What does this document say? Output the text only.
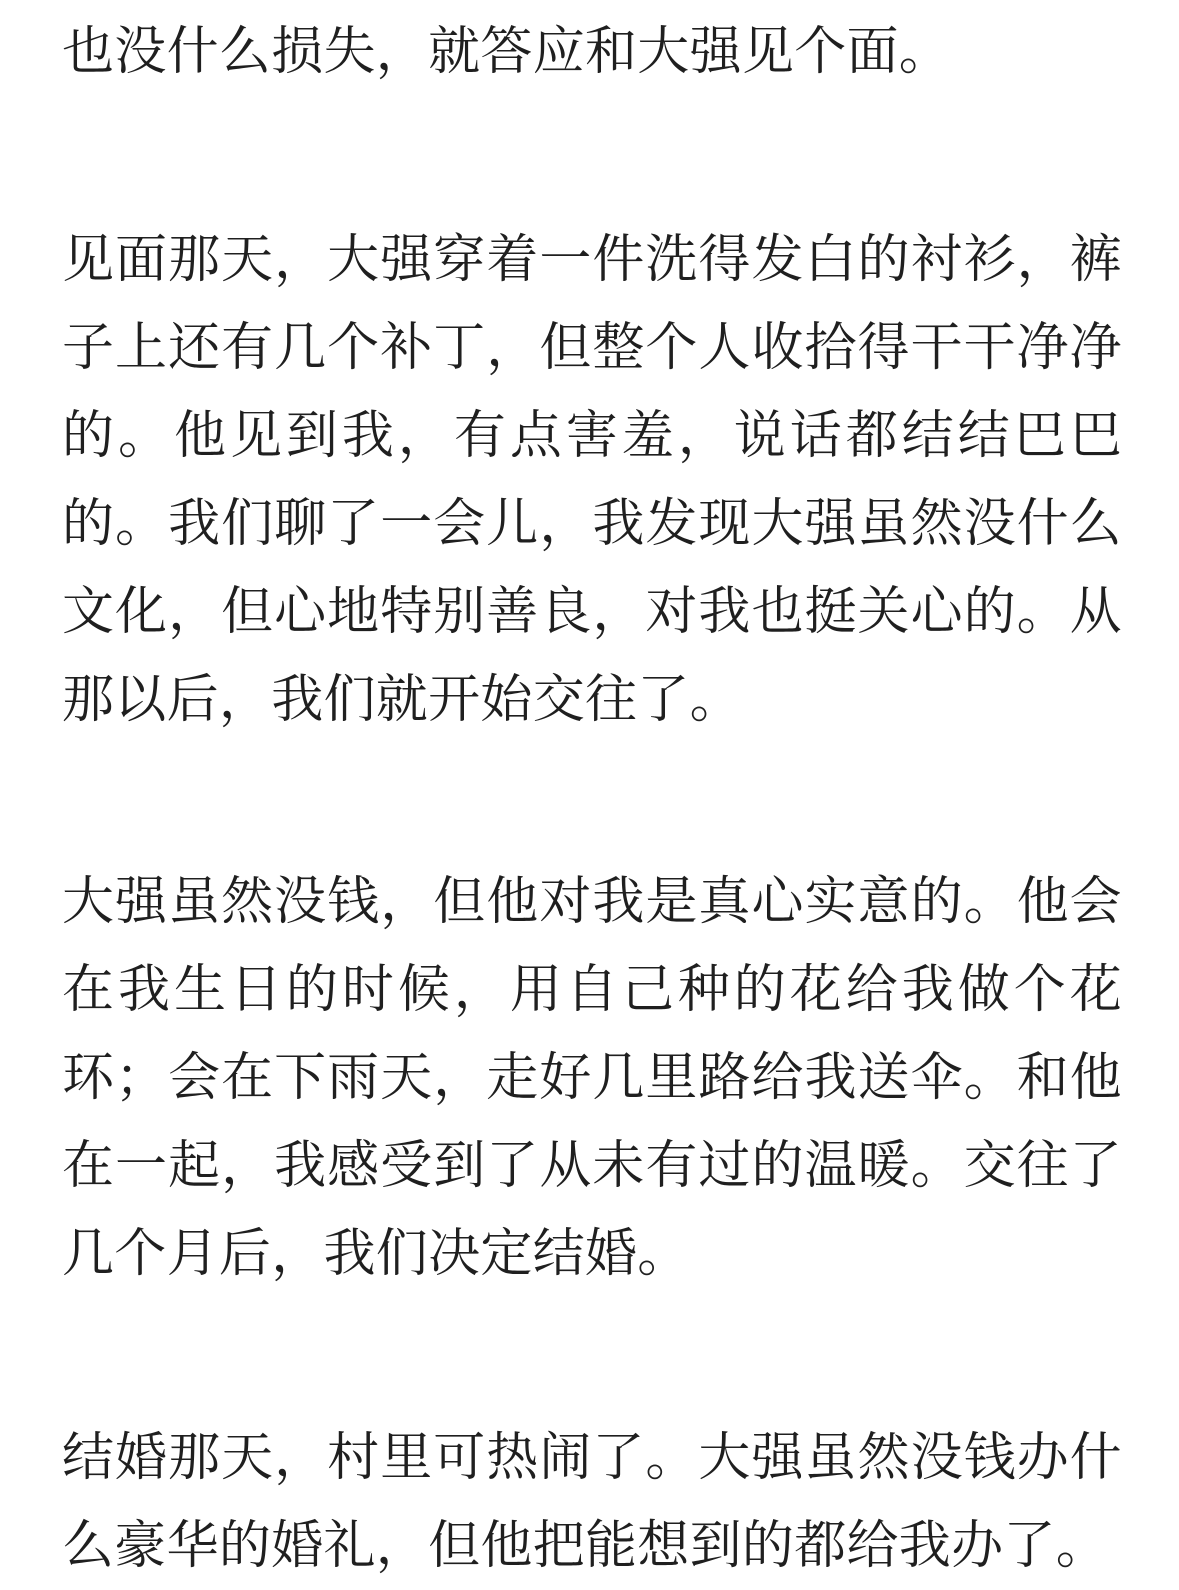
也没什么损失，就答应和大强见个面。

见面那天，大强穿着一件洗得发白的衬衫，裤子上还有几个补丁，但整个人收拾得干干净净的。他见到我，有点害羞，说话都结结巴巴的。我们聊了一会儿，我发现大强虽然没什么文化，但心地特别善良，对我也挺关心的。从那以后，我们就开始交往了。

大强虽然没钱，但他对我是真心实意的。他会在我生日的时候，用自己种的花给我做个花环；会在下雨天，走好几里路给我送伞。和他在一起，我感受到了从未有过的温暖。交往了几个月后，我们决定结婚。

结婚那天，村里可热闹了。大强虽然没钱办什么豪华的婚礼，但他把能想到的都给我办了。
